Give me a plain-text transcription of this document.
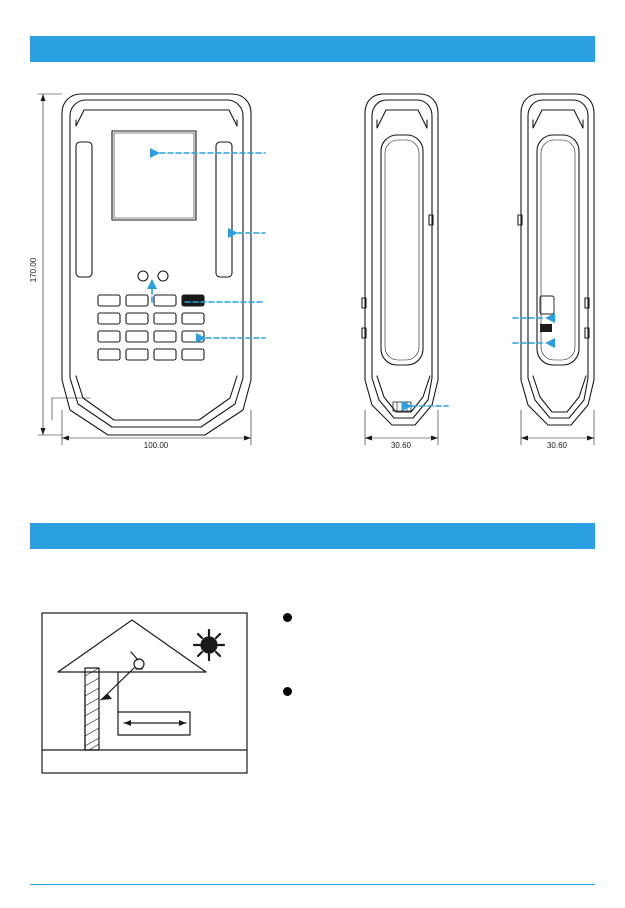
170.00
100.00	30.60	30.60
